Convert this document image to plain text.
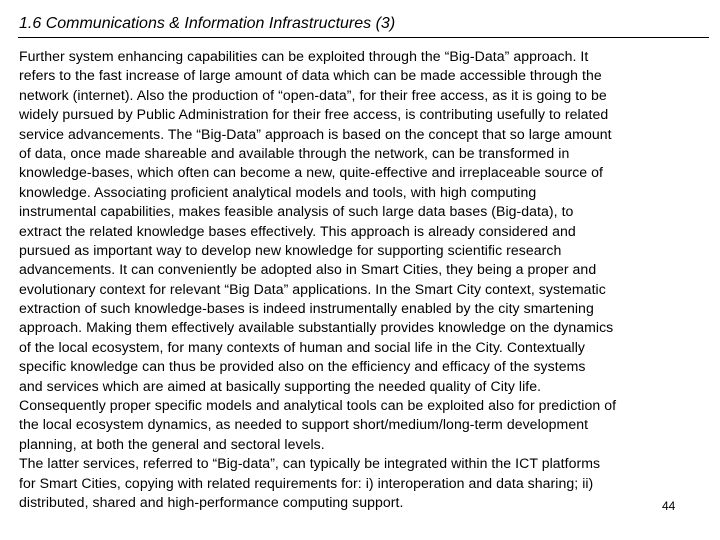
1.6 Communications & Information Infrastructures (3)
Further system enhancing capabilities can be exploited through the “Big-Data” approach. It
refers to the fast increase of large amount of data which can be made accessible through the
network (internet). Also the production of “open-data”, for their free access, as it is going to be
widely pursued by Public Administration for their free access, is contributing usefully to related
service advancements. The “Big-Data” approach is based on the concept that so large amount
of data, once made shareable and available through the network, can be transformed in
knowledge-bases, which often can become a new, quite-effective and irreplaceable source of
knowledge. Associating proficient analytical models and tools, with high computing
instrumental capabilities, makes feasible analysis of such large data bases (Big-data), to
extract the related knowledge bases effectively. This approach is already considered and
pursued as important way to develop new knowledge for supporting scientific research
advancements. It can conveniently be adopted also in Smart Cities, they being a proper and
evolutionary context for relevant “Big Data” applications. In the Smart City context, systematic
extraction of such knowledge-bases is indeed instrumentally enabled by the city smartening
approach. Making them effectively available substantially provides knowledge on the dynamics
of the local ecosystem, for many contexts of human and social life in the City. Contextually
specific knowledge can thus be provided also on the efficiency and efficacy of the systems
and services which are aimed at basically supporting the needed quality of City life.
Consequently proper specific models and analytical tools can be exploited also for prediction of
the local ecosystem dynamics, as needed to support short/medium/long-term development
planning, at both the general and sectoral levels.
The latter services, referred to “Big-data”, can typically be integrated within the ICT platforms
for Smart Cities, copying with related requirements for: i) interoperation and data sharing; ii)
distributed, shared and high-performance computing support.	44
